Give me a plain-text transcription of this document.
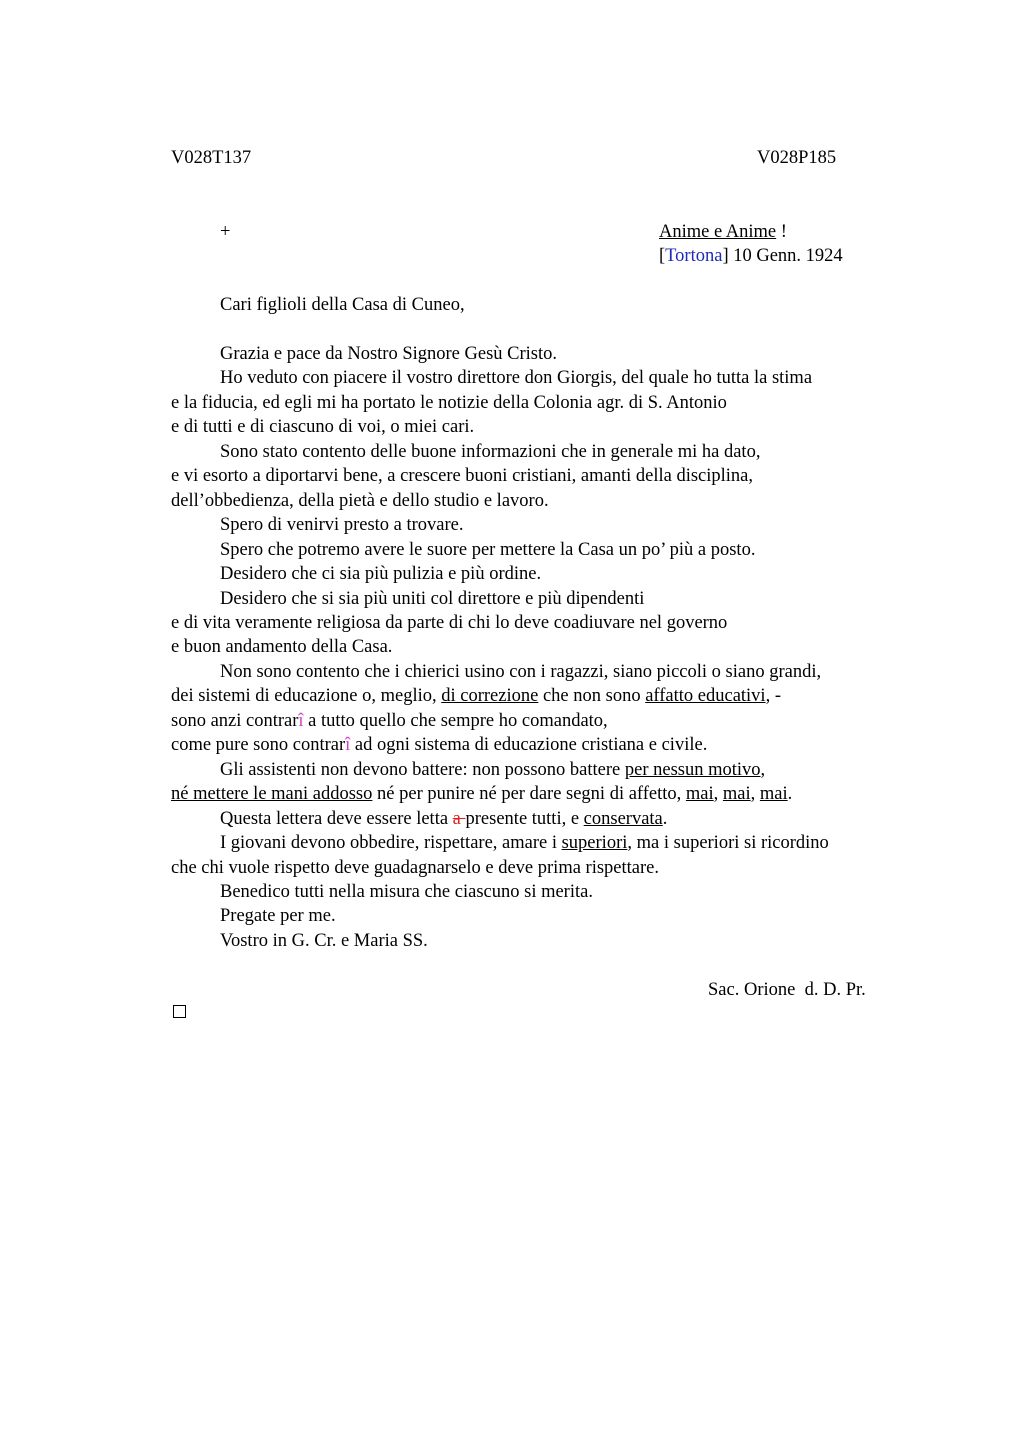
V028T137	V028P185
+	Anime e Anime !
[Tortona] 10 Genn. 1924
Cari figlioli della Casa di Cuneo,
Grazia e pace da Nostro Signore Gesù Cristo.
Ho veduto con piacere il vostro direttore don Giorgis, del quale ho tutta la stima
e la fiducia, ed egli mi ha portato le notizie della Colonia agr. di S. Antonio
e di tutti e di ciascuno di voi, o miei cari.
Sono stato contento delle buone informazioni che in generale mi ha dato,
e vi esorto a diportarvi bene, a crescere buoni cristiani, amanti della disciplina,
dell’obbedienza, della pietà e dello studio e lavoro.
Spero di venirvi presto a trovare.
Spero che potremo avere le suore per mettere la Casa un po’ più a posto.
Desidero che ci sia più pulizia e più ordine.
Desidero che si sia più uniti col direttore e più dipendenti
e di vita veramente religiosa da parte di chi lo deve coadiuvare nel governo
e buon andamento della Casa.
Non sono contento che i chierici usino con i ragazzi, siano piccoli o siano grandi,
dei sistemi di educazione o, meglio, di correzione che non sono affatto educativi, -
sono anzi contrarî a tutto quello che sempre ho comandato,
come pure sono contrarî ad ogni sistema di educazione cristiana e civile.
Gli assistenti non devono battere: non possono battere per nessun motivo,
né mettere le mani addosso né per punire né per dare segni di affetto, mai, mai, mai.
Questa lettera deve essere letta a presente tutti, e conservata.
I giovani devono obbedire, rispettare, amare i superiori, ma i superiori si ricordino
che chi vuole rispetto deve guadagnarselo e deve prima rispettare.
Benedico tutti nella misura che ciascuno si merita.
Pregate per me.
Vostro in G. Cr. e Maria SS.
Sac. Orione  d. D. Pr.
